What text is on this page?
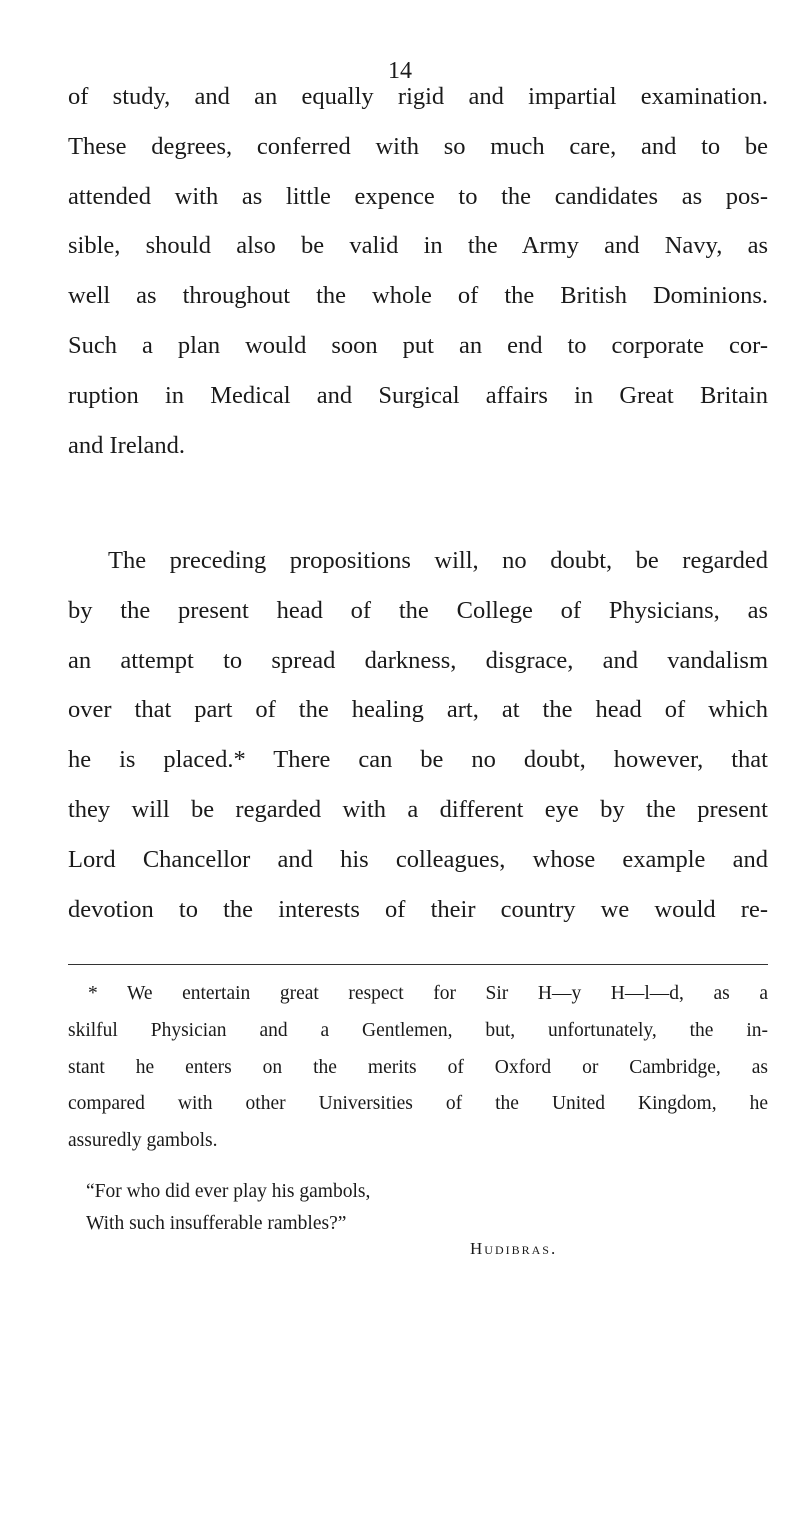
14
of study, and an equally rigid and impartial examination.
These degrees, conferred with so much care, and to be
attended with as little expence to the candidates as pos-
sible, should also be valid in the Army and Navy, as
well as throughout the whole of the British Dominions.
Such a plan would soon put an end to corporate cor-
ruption in Medical and Surgical affairs in Great Britain
and Ireland.
The preceding propositions will, no doubt, be regarded
by the present head of the College of Physicians, as
an attempt to spread darkness, disgrace, and vandalism
over that part of the healing art, at the head of which
he is placed.* There can be no doubt, however, that
they will be regarded with a different eye by the present
Lord Chancellor and his colleagues, whose example and
devotion to the interests of their country we would re-
* We entertain great respect for Sir H—y H—l—d, as a
skilful Physician and a Gentlemen, but, unfortunately, the in-
stant he enters on the merits of Oxford or Cambridge, as
compared with other Universities of the United Kingdom, he
assuredly gambols.
“For who did ever play his gambols,
With such insufferable rambles?”
Hudibras.
